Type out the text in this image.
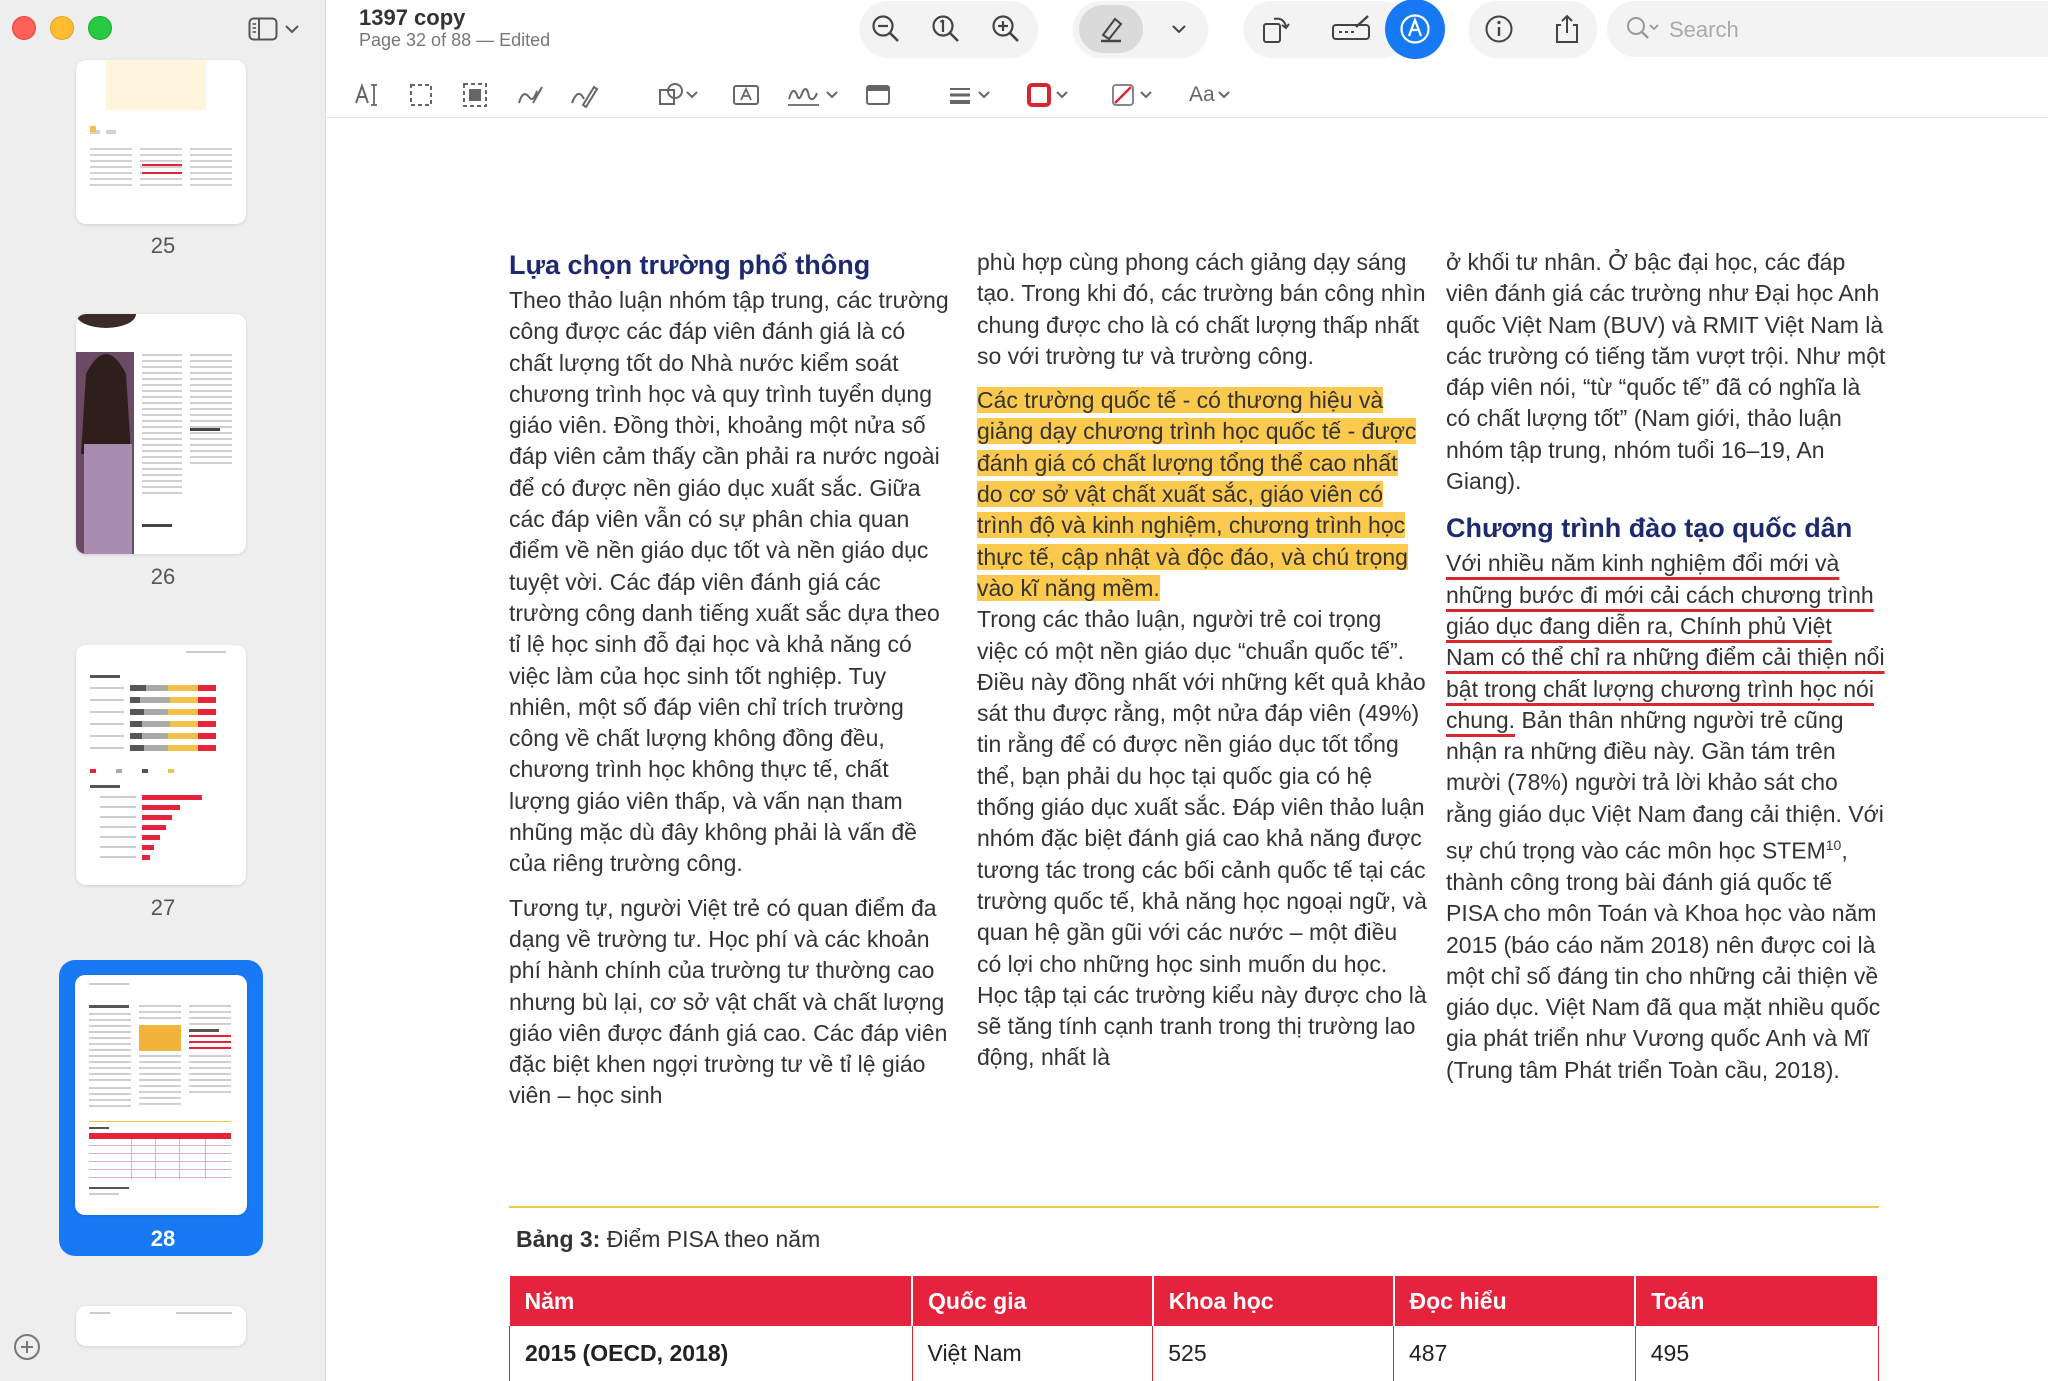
25
26
27
28
1397 copy
Page 32 of 88 — Edited	Search
Aa
Lựa chọn trường phổ thông

Theo thảo luận nhóm tập trung, các trường công được các đáp viên đánh giá là có chất lượng tốt do Nhà nước kiểm soát chương trình học và quy trình tuyển dụng giáo viên. Đồng thời, khoảng một nửa số đáp viên cảm thấy cần phải ra nước ngoài để có được nền giáo dục xuất sắc. Giữa các đáp viên vẫn có sự phân chia quan điểm về nền giáo dục tốt và nền giáo dục tuyệt vời. Các đáp viên đánh giá các trường công danh tiếng xuất sắc dựa theo tỉ lệ học sinh đỗ đại học và khả năng có việc làm của học sinh tốt nghiệp. Tuy nhiên, một số đáp viên chỉ trích trường công về chất lượng không đồng đều, chương trình học không thực tế, chất lượng giáo viên thấp, và vấn nạn tham nhũng mặc dù đây không phải là vấn đề của riêng trường công.

Tương tự, người Việt trẻ có quan điểm đa dạng về trường tư. Học phí và các khoản phí hành chính của trường tư thường cao nhưng bù lại, cơ sở vật chất và chất lượng giáo viên được đánh giá cao. Các đáp viên đặc biệt khen ngợi trường tư về tỉ lệ giáo viên – học sinh

phù hợp cùng phong cách giảng dạy sáng tạo. Trong khi đó, các trường bán công nhìn chung được cho là có chất lượng thấp nhất so với trường tư và trường công.

Các trường quốc tế - có thương hiệu và giảng dạy chương trình học quốc tế - được đánh giá có chất lượng tổng thể cao nhất do cơ sở vật chất xuất sắc, giáo viên có trình độ và kinh nghiệm, chương trình học thực tế, cập nhật và độc đáo, và chú trọng vào kĩ năng mềm.

Trong các thảo luận, người trẻ coi trọng việc có một nền giáo dục “chuẩn quốc tế”. Điều này đồng nhất với những kết quả khảo sát thu được rằng, một nửa đáp viên (49%) tin rằng để có được nền giáo dục tốt tổng thể, bạn phải du học tại quốc gia có hệ thống giáo dục xuất sắc. Đáp viên thảo luận nhóm đặc biệt đánh giá cao khả năng được tương tác trong các bối cảnh quốc tế tại các trường quốc tế, khả năng học ngoại ngữ, và quan hệ gần gũi với các nước – một điều có lợi cho những học sinh muốn du học. Học tập tại các trường kiểu này được cho là sẽ tăng tính cạnh tranh trong thị trường lao động, nhất là

ở khối tư nhân. Ở bậc đại học, các đáp viên đánh giá các trường như Đại học Anh quốc Việt Nam (BUV) và RMIT Việt Nam là các trường có tiếng tăm vượt trội. Như một đáp viên nói, “từ “quốc tế” đã có nghĩa là có chất lượng tốt” (Nam giới, thảo luận nhóm tập trung, nhóm tuổi 16–19, An Giang).

Chương trình đào tạo quốc dân

Với nhiều năm kinh nghiệm đổi mới và những bước đi mới cải cách chương trình giáo dục đang diễn ra, Chính phủ Việt Nam có thể chỉ ra những điểm cải thiện nổi bật trong chất lượng chương trình học nói chung. Bản thân những người trẻ cũng nhận ra những điều này. Gần tám trên mười (78%) người trả lời khảo sát cho rằng giáo dục Việt Nam đang cải thiện. Với sự chú trọng vào các môn học STEM$^{10}$, thành công trong bài đánh giá quốc tế PISA cho môn Toán và Khoa học vào năm 2015 (báo cáo năm 2018) nên được coi là một chỉ số đáng tin cho những cải thiện về giáo dục. Việt Nam đã qua mặt nhiều quốc gia phát triển như Vương quốc Anh và Mĩ (Trung tâm Phát triển Toàn cầu, 2018).

Bảng 3: Điểm PISA theo năm
Năm	Quốc gia	Khoa học	Đọc hiểu	Toán
2015 (OECD, 2018)	Việt Nam	525	487	495
